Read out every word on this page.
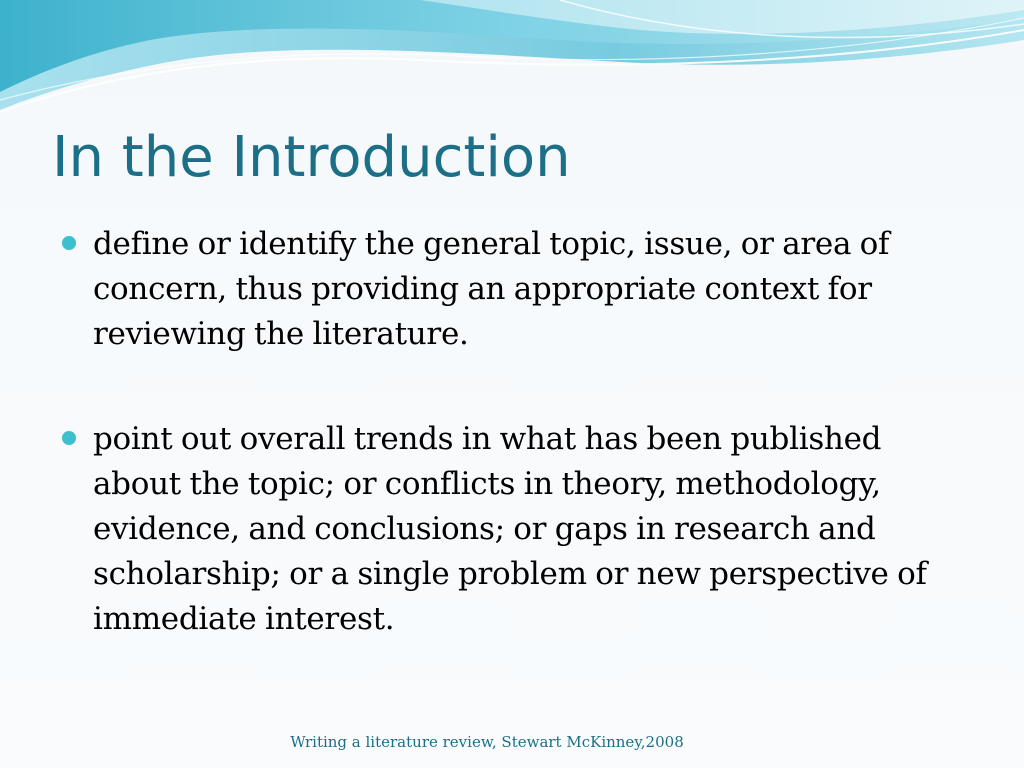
In the Introduction
define or identify the general topic, issue, or area of concern, thus providing an appropriate context for reviewing the literature.
point out overall trends in what has been published about the topic; or conflicts in theory, methodology, evidence, and conclusions; or gaps in research and scholarship; or a single problem or new perspective of immediate interest.
Writing a literature review, Stewart McKinney,2008
